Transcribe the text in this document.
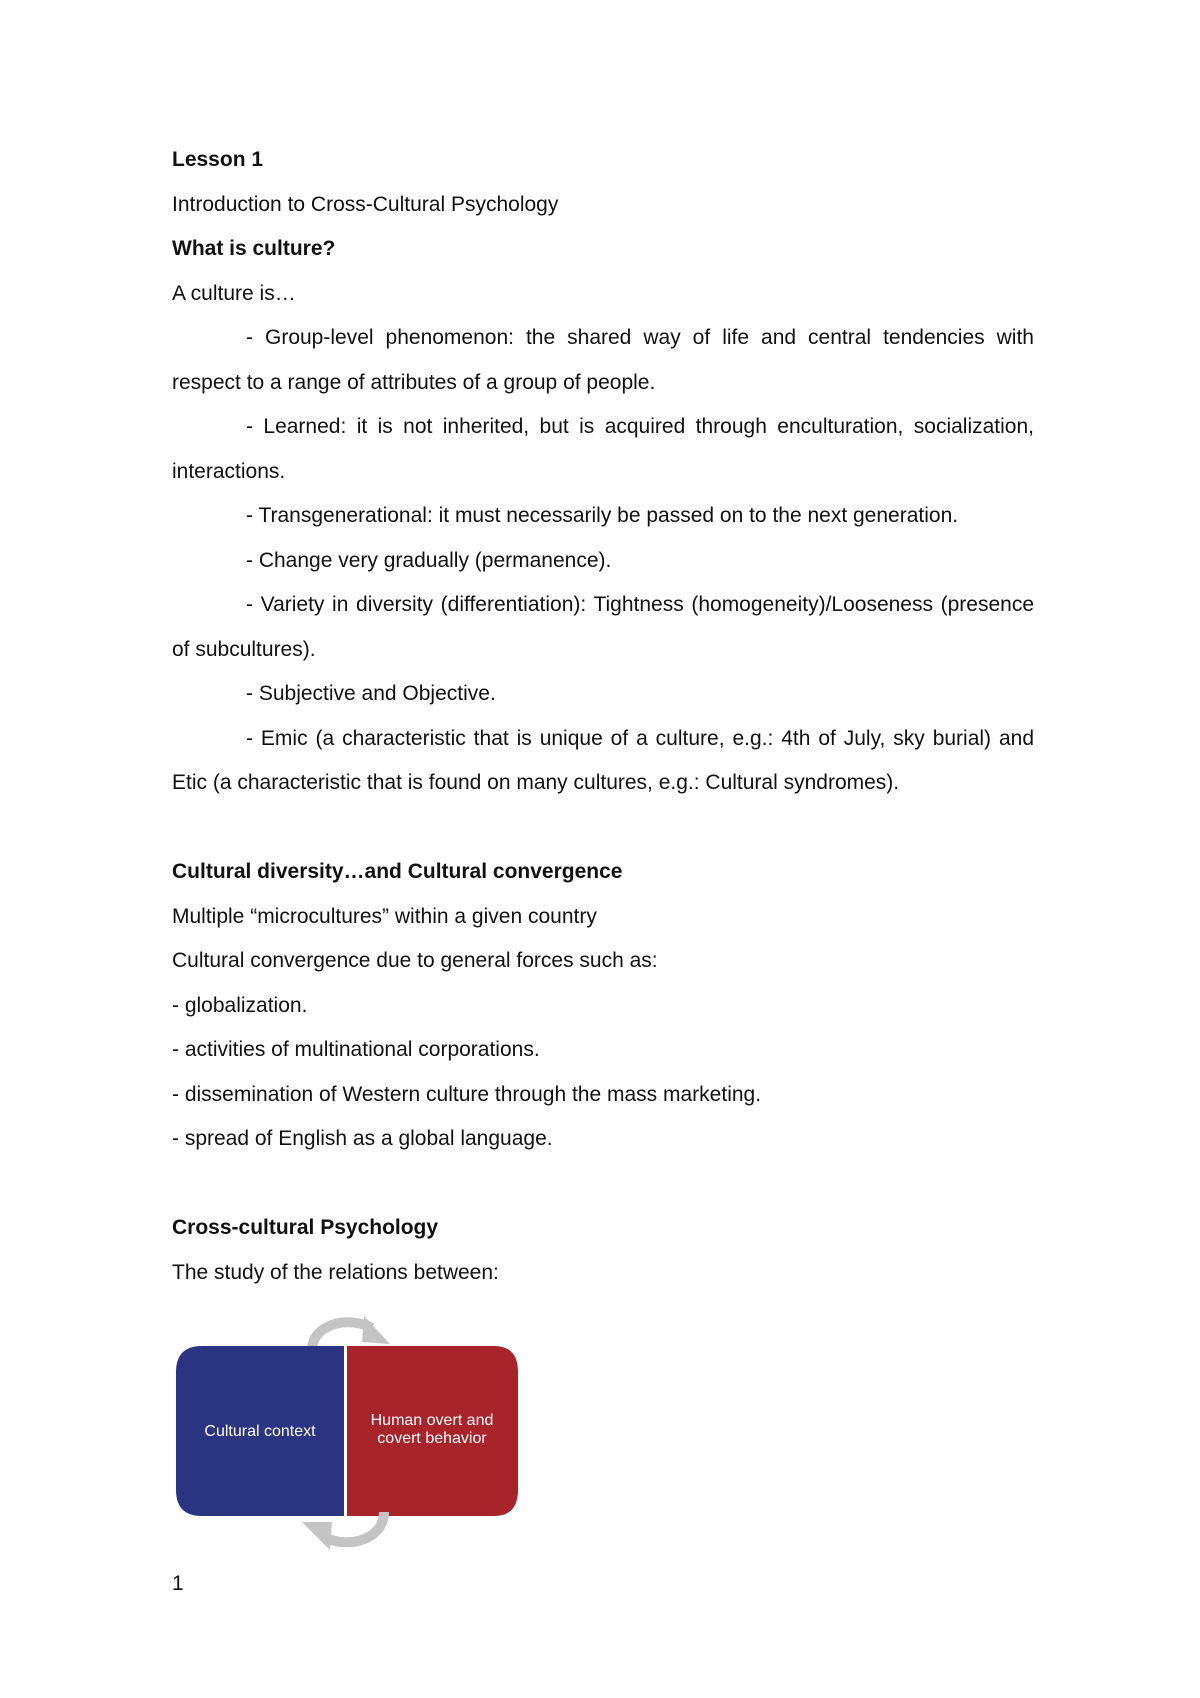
Lesson 1

Introduction to Cross-Cultural Psychology

What is culture?

A culture is…

- Group-level phenomenon: the shared way of life and central tendencies with respect to a range of attributes of a group of people.

- Learned: it is not inherited, but is acquired through enculturation, socialization, interactions.

- Transgenerational: it must necessarily be passed on to the next generation.

- Change very gradually (permanence).

- Variety in diversity (differentiation): Tightness (homogeneity)/Looseness (presence of subcultures).

- Subjective and Objective.

- Emic (a characteristic that is unique of a culture, e.g.: 4th of July, sky burial) and Etic (a characteristic that is found on many cultures, e.g.: Cultural syndromes).

Cultural diversity…and Cultural convergence

Multiple “microcultures” within a given country

Cultural convergence due to general forces such as:

- globalization.

- activities of multinational corporations.

- dissemination of Western culture through the mass marketing.

- spread of English as a global language.

Cross-cultural Psychology

The study of the relations between:

Cultural context
Human overt and
covert behavior
1
